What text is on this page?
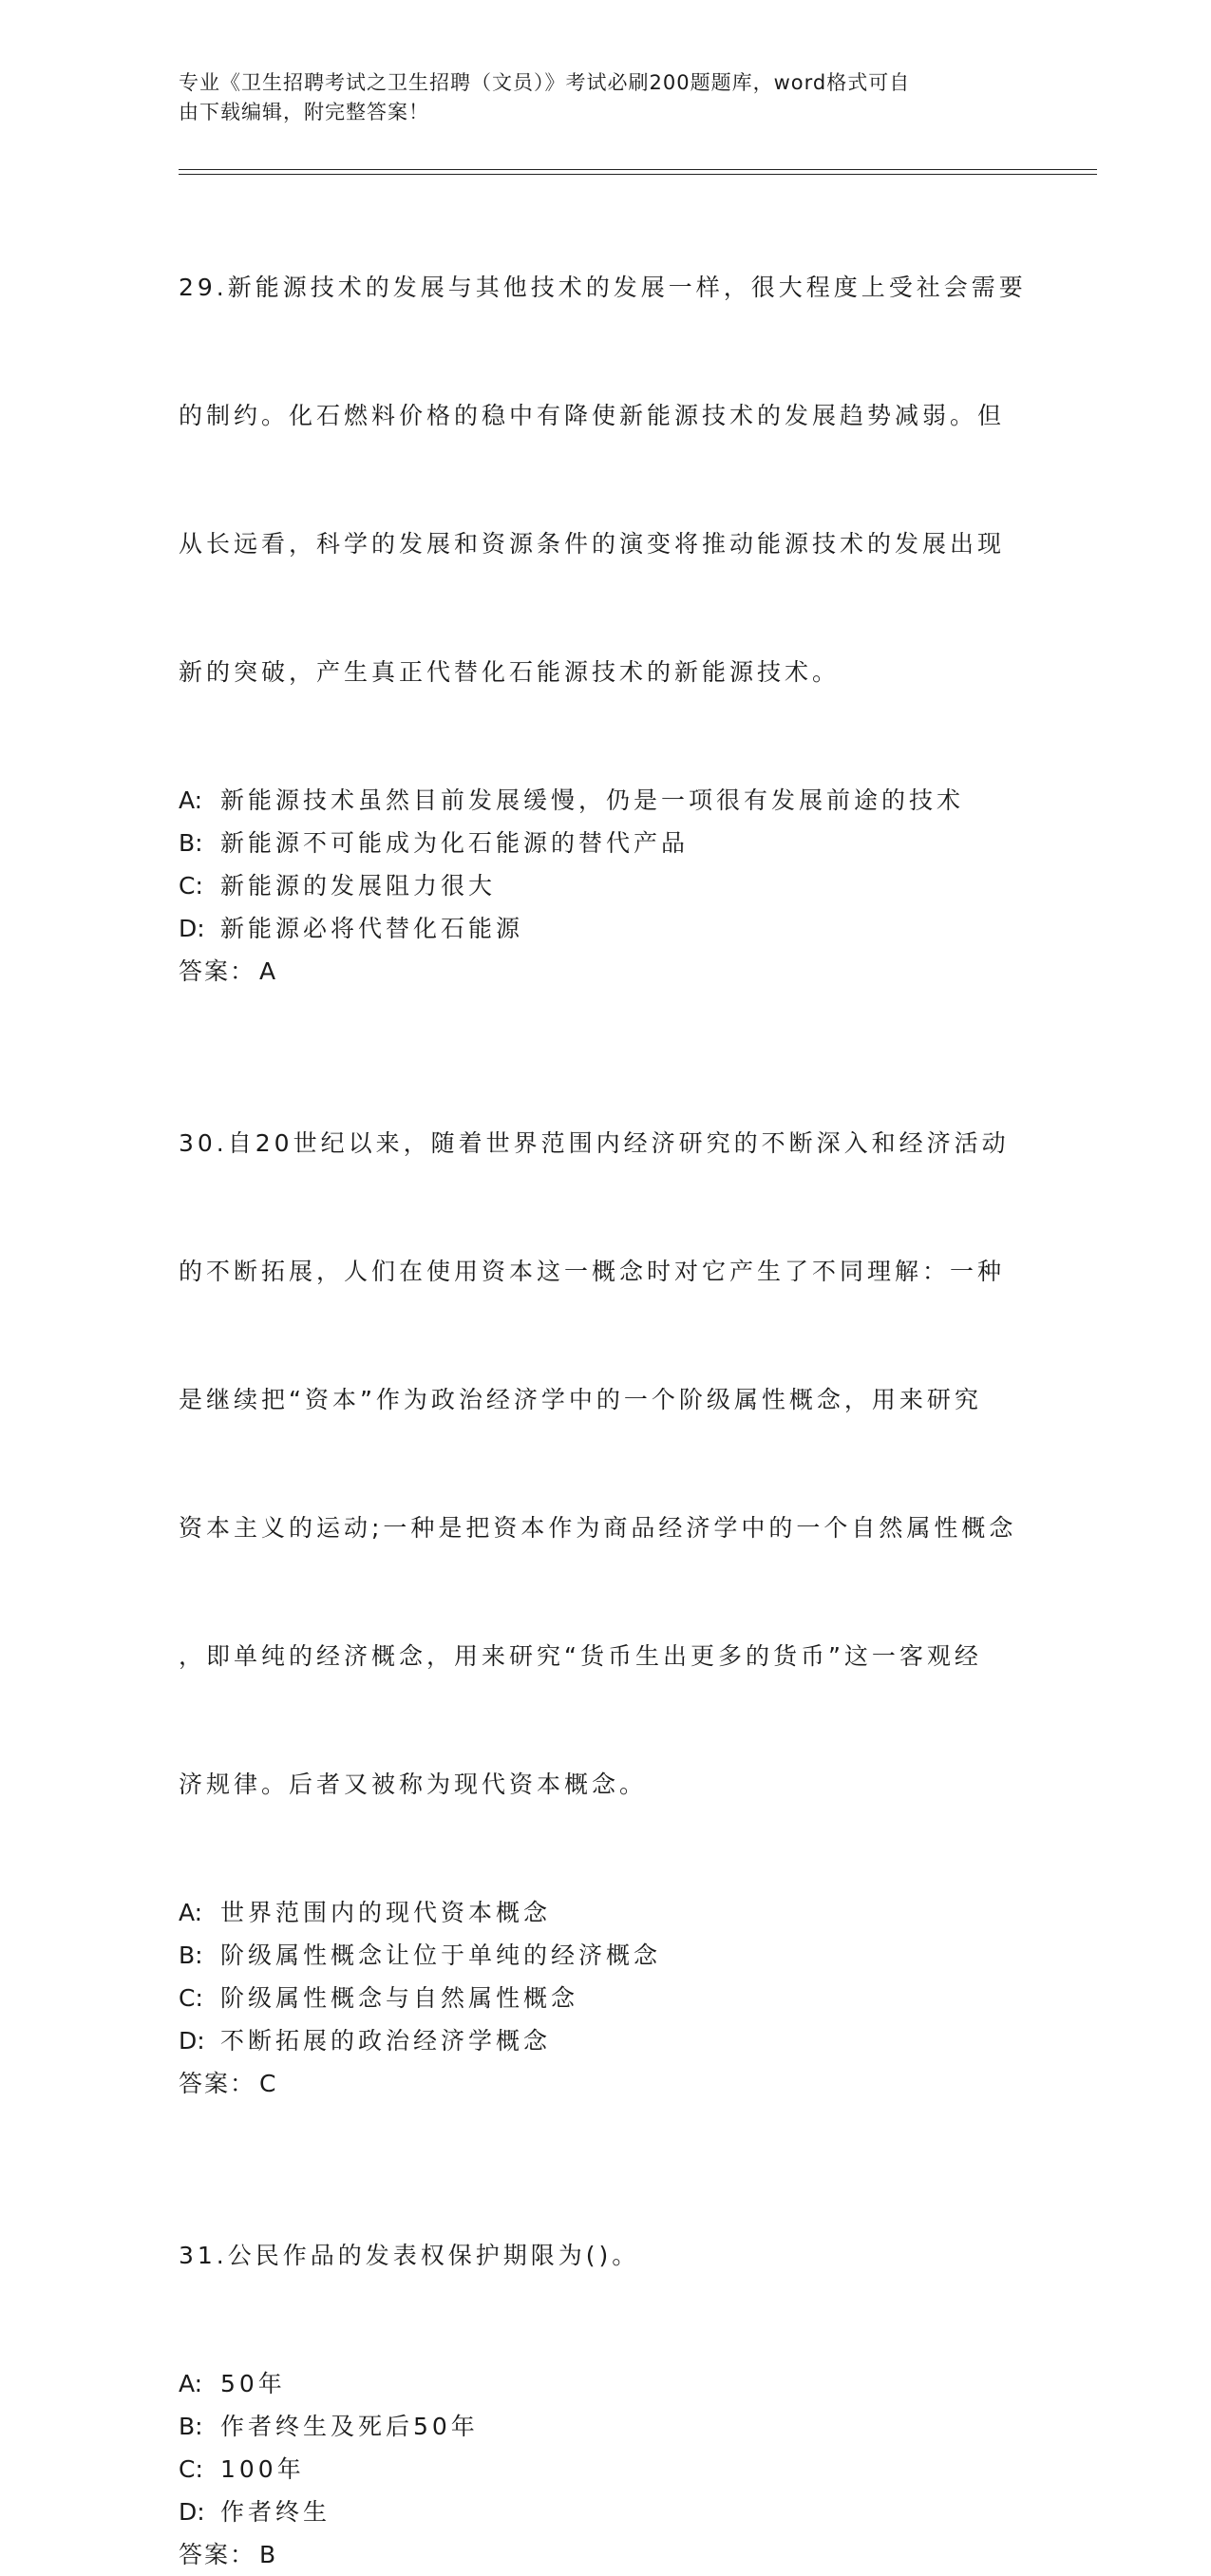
专业《卫生招聘考试之卫生招聘（文员）》考试必刷200题题库，word格式可自
由下载编辑，附完整答案！

29.新能源技术的发展与其他技术的发展一样，很大程度上受社会需要

的制约。化石燃料价格的稳中有降使新能源技术的发展趋势减弱。但

从长远看，科学的发展和资源条件的演变将推动能源技术的发展出现

新的突破，产生真正代替化石能源技术的新能源技术。

A: 新能源技术虽然目前发展缓慢，仍是一项很有发展前途的技术
B: 新能源不可能成为化石能源的替代产品
C: 新能源的发展阻力很大
D: 新能源必将代替化石能源
答案： A

30.自20世纪以来，随着世界范围内经济研究的不断深入和经济活动

的不断拓展，人们在使用资本这一概念时对它产生了不同理解：一种

是继续把“资本”作为政治经济学中的一个阶级属性概念，用来研究

资本主义的运动;一种是把资本作为商品经济学中的一个自然属性概念

，即单纯的经济概念，用来研究“货币生出更多的货币”这一客观经

济规律。后者又被称为现代资本概念。

A: 世界范围内的现代资本概念
B: 阶级属性概念让位于单纯的经济概念
C: 阶级属性概念与自然属性概念
D: 不断拓展的政治经济学概念
答案： C

31.公民作品的发表权保护期限为()。

A: 50年
B: 作者终生及死后50年
C: 100年
D: 作者终生
答案： B
